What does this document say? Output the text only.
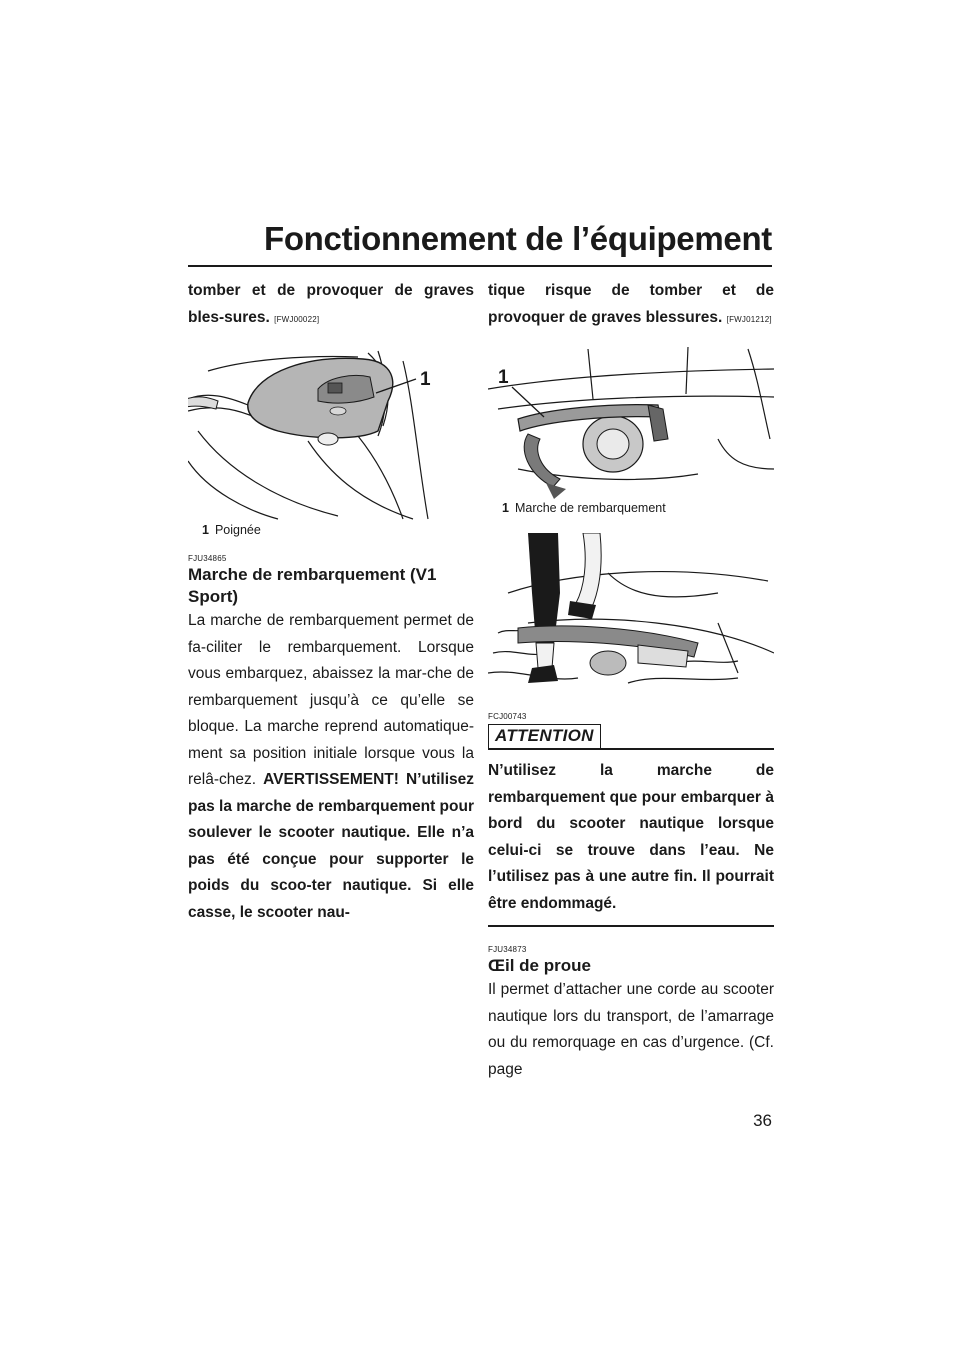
Fonctionnement de l’équipement

tomber et de provoquer de graves bles-sures. [FWJ00022]

1
1 Poignée

FJU34865

Marche de rembarquement (V1 Sport)

La marche de rembarquement permet de fa-ciliter le rembarquement. Lorsque vous embarquez, abaissez la mar-che de rembarquement jusqu’à ce qu’elle se bloque. La marche reprend automatique-ment sa position initiale lorsque vous la relâ-chez. AVERTISSEMENT! N’utilisez pas la marche de rembarquement pour soulever le scooter nautique. Elle n’a pas été conçue pour supporter le poids du scoo-ter nautique. Si elle casse, le scooter nau-

tique risque de tomber et de provoquer de graves blessures. [FWJ01212]

1
1 Marche de rembarquement

FCJ00743

ATTENTION

N’utilisez la marche de rembarquement que pour embarquer à bord du scooter nautique lorsque celui-ci se trouve dans l’eau. Ne l’utilisez pas à une autre fin. Il pourrait être endommagé.

FJU34873

Œil de proue

Il permet d’attacher une corde au scooter nautique lors du transport, de l’amarrage ou du remorquage en cas d’urgence. (Cf. page

36
